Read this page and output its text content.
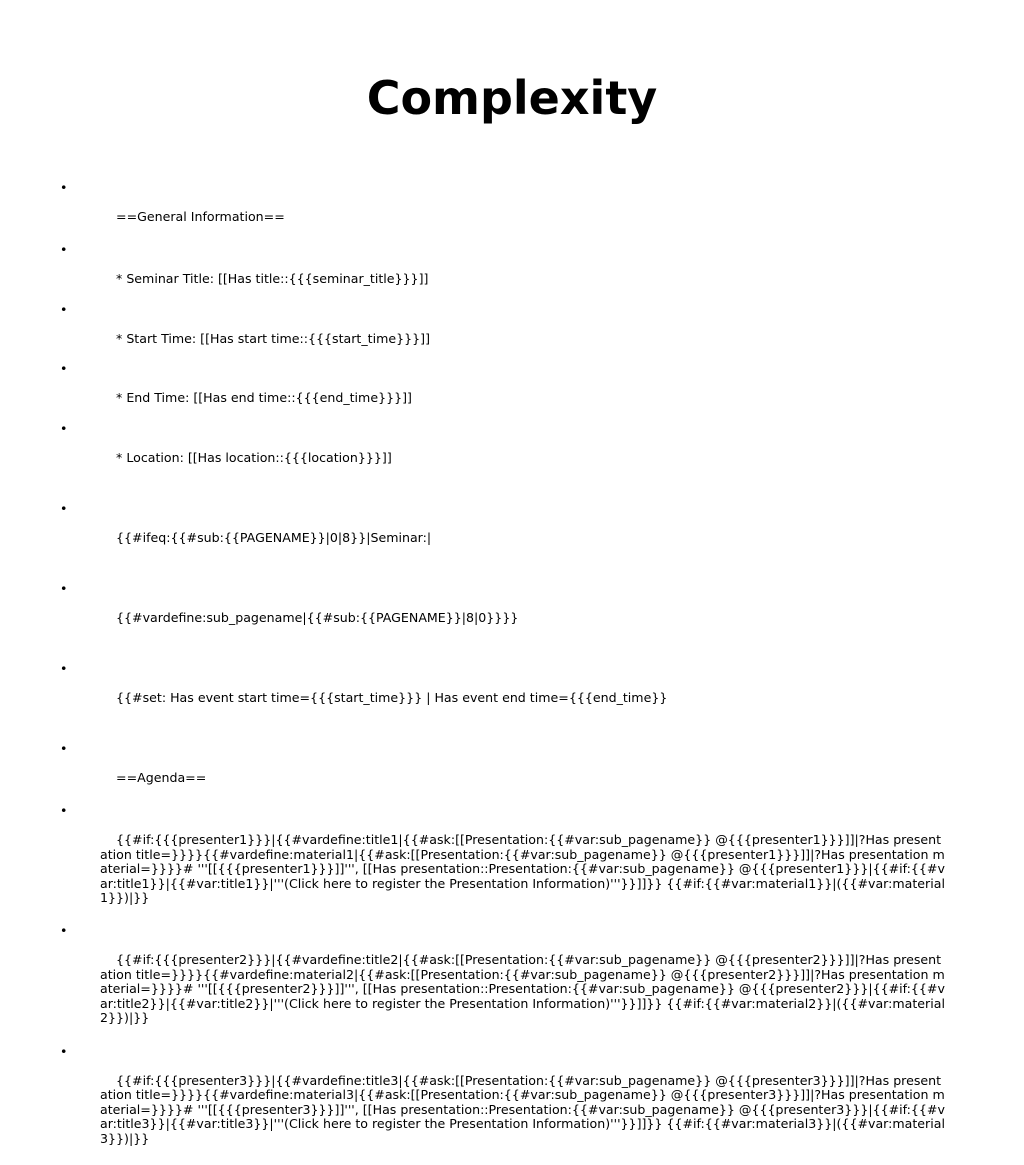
Complexity

•

==General Information==

•

* Seminar Title: [[Has title::{{{seminar_title}}}]]

•

* Start Time: [[Has start time::{{{start_time}}}]]

•

* End Time: [[Has end time::{{{end_time}}}]]

•

* Location: [[Has location::{{{location}}}]]

•

{{#ifeq:{{#sub:{{PAGENAME}}|0|8}}|Seminar:|

•

{{#vardefine:sub_pagename|{{#sub:{{PAGENAME}}|8|0}}}}

•

{{#set: Has event start time={{{start_time}}} | Has event end time={{{end_time}}

•

==Agenda==

•

{{#if:{{{presenter1}}}|{{#vardefine:title1|{{#ask:[[Presentation:{{#var:sub_pagename}} @{{{presenter1}}}]]|?Has presentation title=}}}}{{#vardefine:material1|{{#ask:[[Presentation:{{#var:sub_pagename}} @{{{presenter1}}}]]|?Has presentation material=}}}}# '''[[{{{presenter1}}}]]''', [[Has presentation::Presentation:{{#var:sub_pagename}} @{{{presenter1}}}|{{#if:{{#var:title1}}|{{#var:title1}}|'''(Click here to register the Presentation Information)'''}}]]}} {{#if:{{#var:material1}}|({{#var:material1}})|}}

•

{{#if:{{{presenter2}}}|{{#vardefine:title2|{{#ask:[[Presentation:{{#var:sub_pagename}} @{{{presenter2}}}]]|?Has presentation title=}}}}{{#vardefine:material2|{{#ask:[[Presentation:{{#var:sub_pagename}} @{{{presenter2}}}]]|?Has presentation material=}}}}# '''[[{{{presenter2}}}]]''', [[Has presentation::Presentation:{{#var:sub_pagename}} @{{{presenter2}}}|{{#if:{{#var:title2}}|{{#var:title2}}|'''(Click here to register the Presentation Information)'''}}]]}} {{#if:{{#var:material2}}|({{#var:material2}})|}}

•

{{#if:{{{presenter3}}}|{{#vardefine:title3|{{#ask:[[Presentation:{{#var:sub_pagename}} @{{{presenter3}}}]]|?Has presentation title=}}}}{{#vardefine:material3|{{#ask:[[Presentation:{{#var:sub_pagename}} @{{{presenter3}}}]]|?Has presentation material=}}}}# '''[[{{{presenter3}}}]]''', [[Has presentation::Presentation:{{#var:sub_pagename}} @{{{presenter3}}}|{{#if:{{#var:title3}}|{{#var:title3}}|'''(Click here to register the Presentation Information)'''}}]]}} {{#if:{{#var:material3}}|({{#var:material3}})|}}
